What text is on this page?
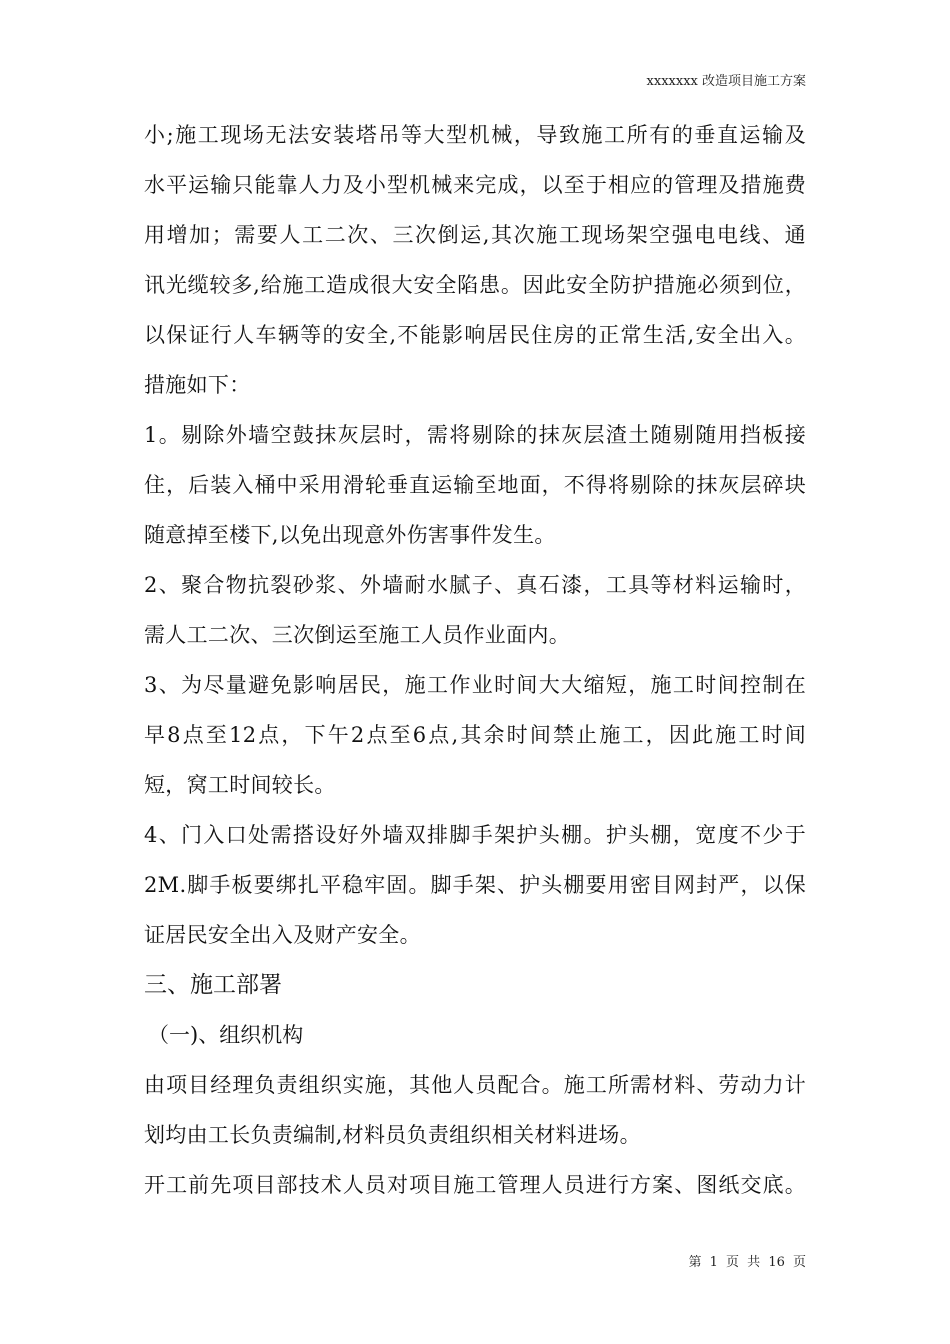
xxxxxxx 改造项目施工方案
小;施工现场无法安装塔吊等大型机械，导致施工所有的垂直运输及
水平运输只能靠人力及小型机械来完成，以至于相应的管理及措施费
用增加；需要人工二次、三次倒运,其次施工现场架空强电电线、通
讯光缆较多,给施工造成很大安全陷患。因此安全防护措施必须到位，
以保证行人车辆等的安全,不能影响居民住房的正常生活,安全出入。
措施如下：
1。剔除外墙空鼓抹灰层时，需将剔除的抹灰层渣土随剔随用挡板接
住，后装入桶中采用滑轮垂直运输至地面，不得将剔除的抹灰层碎块
随意掉至楼下,以免出现意外伤害事件发生。
2、聚合物抗裂砂浆、外墙耐水腻子、真石漆，工具等材料运输时，
需人工二次、三次倒运至施工人员作业面内。
3、为尽量避免影响居民，施工作业时间大大缩短，施工时间控制在
早8点至12点，下午2点至6点,其余时间禁止施工，因此施工时间
短，窝工时间较长。
4、门入口处需搭设好外墙双排脚手架护头棚。护头棚，宽度不少于
2M.脚手板要绑扎平稳牢固。脚手架、护头棚要用密目网封严，以保
证居民安全出入及财产安全。
三、施工部署
（一)、组织机构
由项目经理负责组织实施，其他人员配合。施工所需材料、劳动力计
划均由工长负责编制,材料员负责组织相关材料进场。
开工前先项目部技术人员对项目施工管理人员进行方案、图纸交底。
第 1 页 共 16 页
